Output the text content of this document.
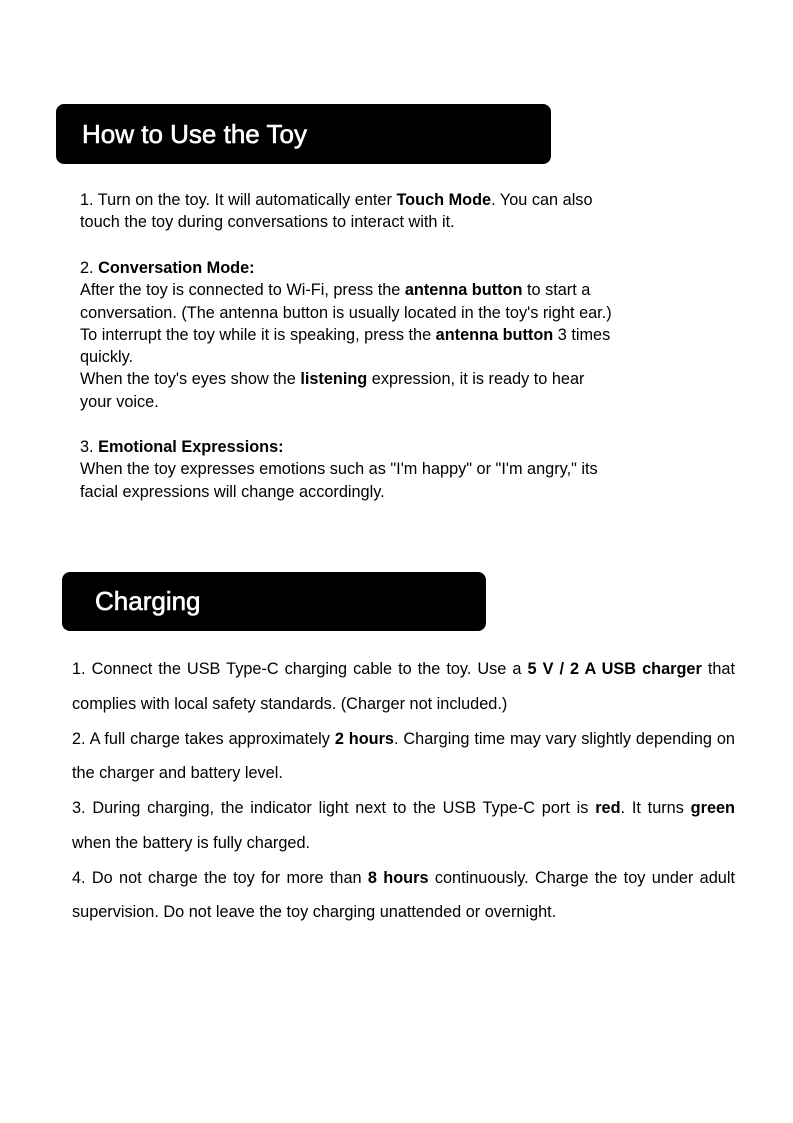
How to Use the Toy

1. Turn on the toy. It will automatically enter Touch Mode. You can also

touch the toy during conversations to interact with it.

2. Conversation Mode:

After the toy is connected to Wi-Fi, press the antenna button to start a

conversation. (The antenna button is usually located in the toy's right ear.)

To interrupt the toy while it is speaking, press the antenna button 3 times

quickly.

When the toy's eyes show the listening expression, it is ready to hear

your voice.

3. Emotional Expressions:

When the toy expresses emotions such as "I'm happy" or "I'm angry," its

facial expressions will change accordingly.

Charging

1. Connect the USB Type-C charging cable to the toy. Use a 5 V / 2 A USB charger that complies with local safety standards. (Charger not included.)

2. A full charge takes approximately 2 hours. Charging time may vary slightly depending on the charger and battery level.

3. During charging, the indicator light next to the USB Type-C port is red. It turns green when the battery is fully charged.

4. Do not charge the toy for more than 8 hours continuously. Charge the toy under adult supervision. Do not leave the toy charging unattended or overnight.
